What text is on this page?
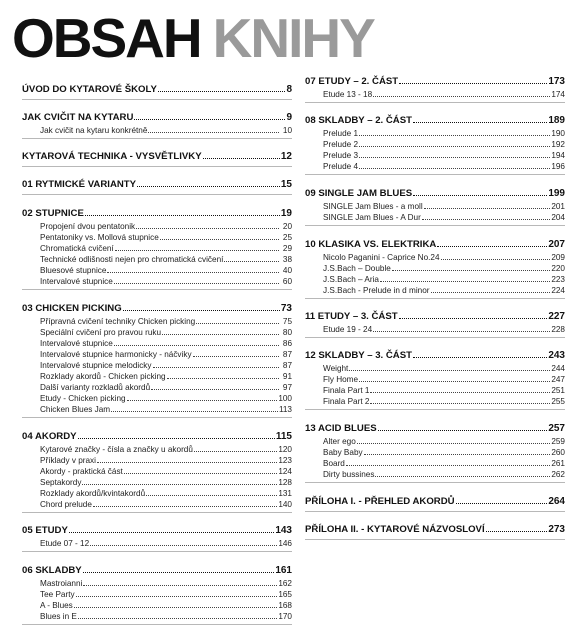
OBSAH KNIHY
ÚVOD DO KYTAROVÉ ŠKOLY	8
JAK CVIČIT NA KYTARU	9
Jak cvičit na kytaru konkrétně	10
KYTAROVÁ TECHNIKA - VYSVĚTLIVKY	12
01 RYTMICKÉ VARIANTY	15
02 STUPNICE	19
Propojení dvou pentatonik	20
Pentatoniky vs. Mollová stupnice	25
Chromatická cvičení	29
Technické odlišnosti nejen pro chromatická cvičení	38
Bluesové stupnice	40
Intervalové stupnice	60
03 CHICKEN PICKING	73
Přípravná cvičení techniky Chicken picking	75
Speciální cvičení pro pravou ruku	80
Intervalové stupnice	86
Intervalové stupnice harmonicky - náčviky	87
Intervalové stupnice melodicky	87
Rozklady akordů - Chicken picking	91
Další varianty rozkladů akordů	97
Etudy - Chicken picking	100
Chicken Blues Jam	113
04 AKORDY	115
Kytarové značky - čísla a značky u akordů	120
Příklady v praxi	123
Akordy - praktická část	124
Septakordy	128
Rozklady akordů/kvintakordů	131
Chord prelude	140
05 ETUDY	143
Etude 07 - 12	146
06 SKLADBY	161
Mastroianni	162
Tee Party	165
A - Blues	168
Blues in E	170
07 ETUDY – 2. ČÁST	173
Etude 13 - 18	174
08 SKLADBY – 2. ČÁST	189
Prelude 1	190
Prelude 2	192
Prelude 3	194
Prelude 4	196
09 SINGLE JAM BLUES	199
SINGLE Jam Blues - a moll	201
SINGLE Jam Blues - A Dur	204
10 KLASIKA VS. ELEKTRIKA	207
Nicolo Paganini - Caprice No.24	209
J.S.Bach – Double	220
J.S.Bach – Aria	223
J.S.Bach - Prelude in d minor	224
11 ETUDY – 3. ČÁST	227
Etude 19 - 24	228
12 SKLADBY – 3. ČÁST	243
Weight	244
Fly Home	247
Finala Part 1	251
Finala Part 2	255
13 ACID BLUES	257
Alter ego	259
Baby Baby	260
Board	261
Dirty bussines	262
PŘÍLOHA I. - PŘEHLED AKORDŮ	264
PŘÍLOHA II. - KYTAROVÉ NÁZVOSLOVÍ	273
